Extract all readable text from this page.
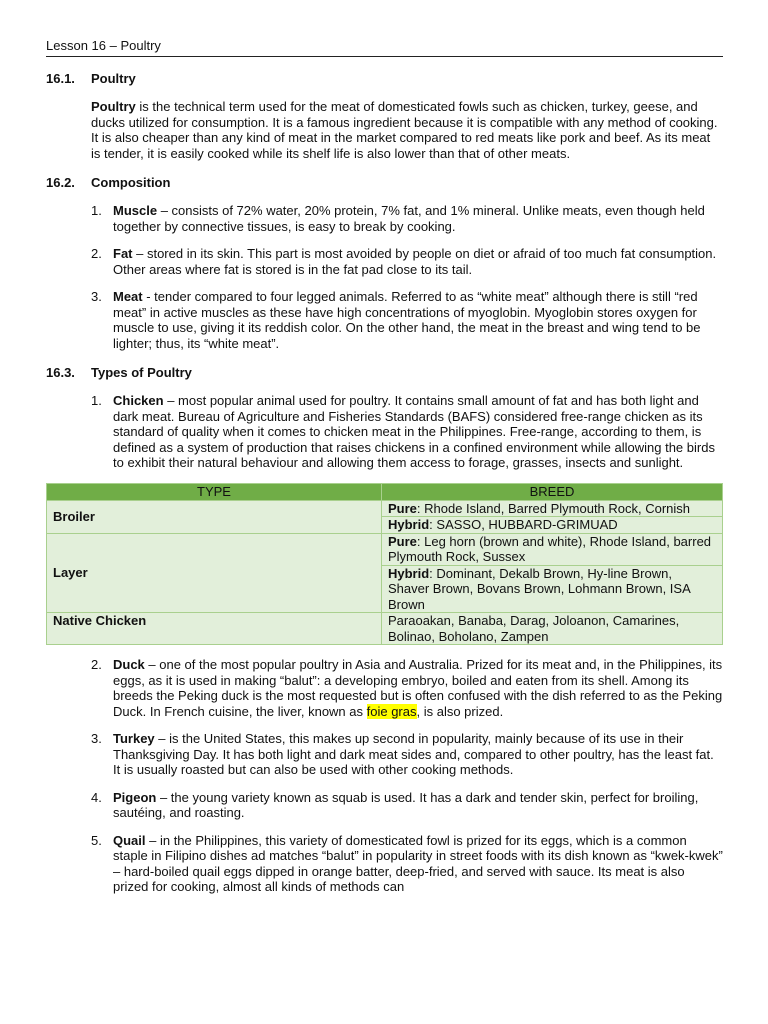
Lesson 16 – Poultry
16.1.	Poultry
Poultry is the technical term used for the meat of domesticated fowls such as chicken, turkey, geese, and ducks utilized for consumption. It is a famous ingredient because it is compatible with any method of cooking. It is also cheaper than any kind of meat in the market compared to red meats like pork and beef. As its meat is tender, it is easily cooked while its shelf life is also lower than that of other meats.
16.2.	Composition
1. Muscle – consists of 72% water, 20% protein, 7% fat, and 1% mineral. Unlike meats, even though held together by connective tissues, is easy to break by cooking.
2. Fat – stored in its skin. This part is most avoided by people on diet or afraid of too much fat consumption. Other areas where fat is stored is in the fat pad close to its tail.
3. Meat - tender compared to four legged animals. Referred to as “white meat” although there is still “red meat” in active muscles as these have high concentrations of myoglobin. Myoglobin stores oxygen for muscle to use, giving it its reddish color. On the other hand, the meat in the breast and wing tend to be lighter; thus, its “white meat”.
16.3.	Types of Poultry
1. Chicken – most popular animal used for poultry. It contains small amount of fat and has both light and dark meat. Bureau of Agriculture and Fisheries Standards (BAFS) considered free-range chicken as its standard of quality when it comes to chicken meat in the Philippines. Free-range, according to them, is defined as a system of production that raises chickens in a confined environment while allowing the birds to exhibit their natural behaviour and allowing them access to forage, grasses, insects and sunlight.
TYPE	BREED
Broiler	Pure: Rhode Island, Barred Plymouth Rock, Cornish
	Hybrid: SASSO, HUBBARD-GRIMUAD
Layer	Pure: Leg horn (brown and white), Rhode Island, barred Plymouth Rock, Sussex
	Hybrid: Dominant, Dekalb Brown, Hy-line Brown, Shaver Brown, Bovans Brown, Lohmann Brown, ISA Brown
Native Chicken	Paraoakan, Banaba, Darag, Joloanon, Camarines, Bolinao, Boholano, Zampen
2. Duck – one of the most popular poultry in Asia and Australia. Prized for its meat and, in the Philippines, its eggs, as it is used in making “balut”: a developing embryo, boiled and eaten from its shell. Among its breeds the Peking duck is the most requested but is often confused with the dish referred to as the Peking Duck. In French cuisine, the liver, known as foie gras, is also prized.
3. Turkey – is the United States, this makes up second in popularity, mainly because of its use in their Thanksgiving Day. It has both light and dark meat sides and, compared to other poultry, has the least fat. It is usually roasted but can also be used with other cooking methods.
4. Pigeon – the young variety known as squab is used. It has a dark and tender skin, perfect for broiling, sautéing, and roasting.
5. Quail – in the Philippines, this variety of domesticated fowl is prized for its eggs, which is a common staple in Filipino dishes ad matches “balut” in popularity in street foods with its dish known as “kwek-kwek” – hard-boiled quail eggs dipped in orange batter, deep-fried, and served with sauce. Its meat is also prized for cooking, almost all kinds of methods can
